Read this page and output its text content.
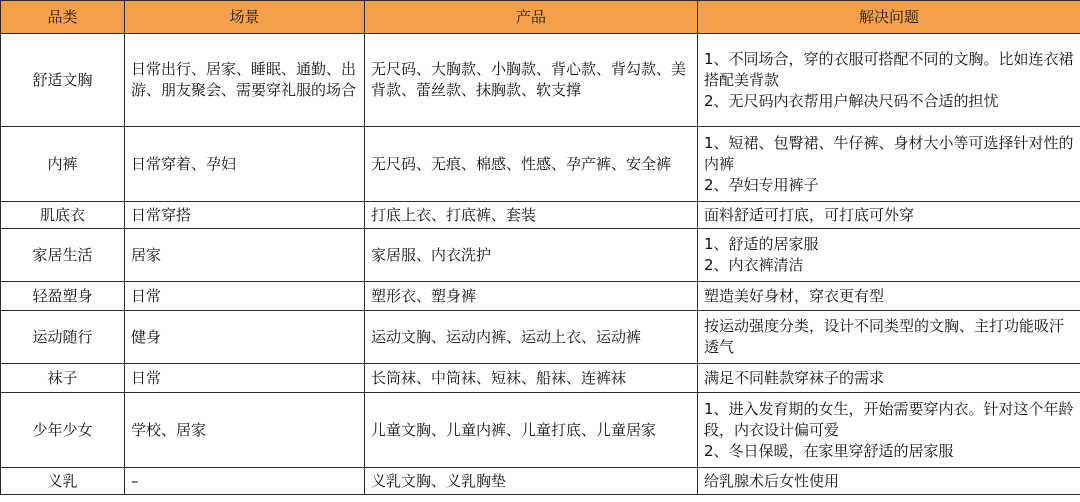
品类	场景	产品	解决问题
舒适文胸	日常出行、居家、睡眠、通勤、出游、朋友聚会、需要穿礼服的场合	无尺码、大胸款、小胸款、背心款、背勾款、美背款、蕾丝款、抹胸款、软支撑	1、不同场合，穿的衣服可搭配不同的文胸。比如连衣裙搭配美背款
2、无尺码内衣帮用户解决尺码不合适的担忧

内裤	日常穿着、孕妇	无尺码、无痕、棉感、性感、孕产裤、安全裤	1、短裙、包臀裙、牛仔裤、身材大小等可选择针对性的内裤
2、孕妇专用裤子

肌底衣	日常穿搭	打底上衣、打底裤、套装	面料舒适可打底，可打底可外穿

家居生活	居家	家居服、内衣洗护	1、舒适的居家服
2、内衣裤清洁

轻盈塑身	日常	塑形衣、塑身裤	塑造美好身材，穿衣更有型

运动随行	健身	运动文胸、运动内裤、运动上衣、运动裤	按运动强度分类，设计不同类型的文胸、主打功能吸汗透气

袜子	日常	长筒袜、中筒袜、短袜、船袜、连裤袜	满足不同鞋款穿袜子的需求

少年少女	学校、居家	儿童文胸、儿童内裤、儿童打底、儿童居家	1、进入发育期的女生，开始需要穿内衣。针对这个年龄段，内衣设计偏可爱
2、冬日保暖，在家里穿舒适的居家服

义乳	–	义乳文胸、义乳胸垫	给乳腺术后女性使用
